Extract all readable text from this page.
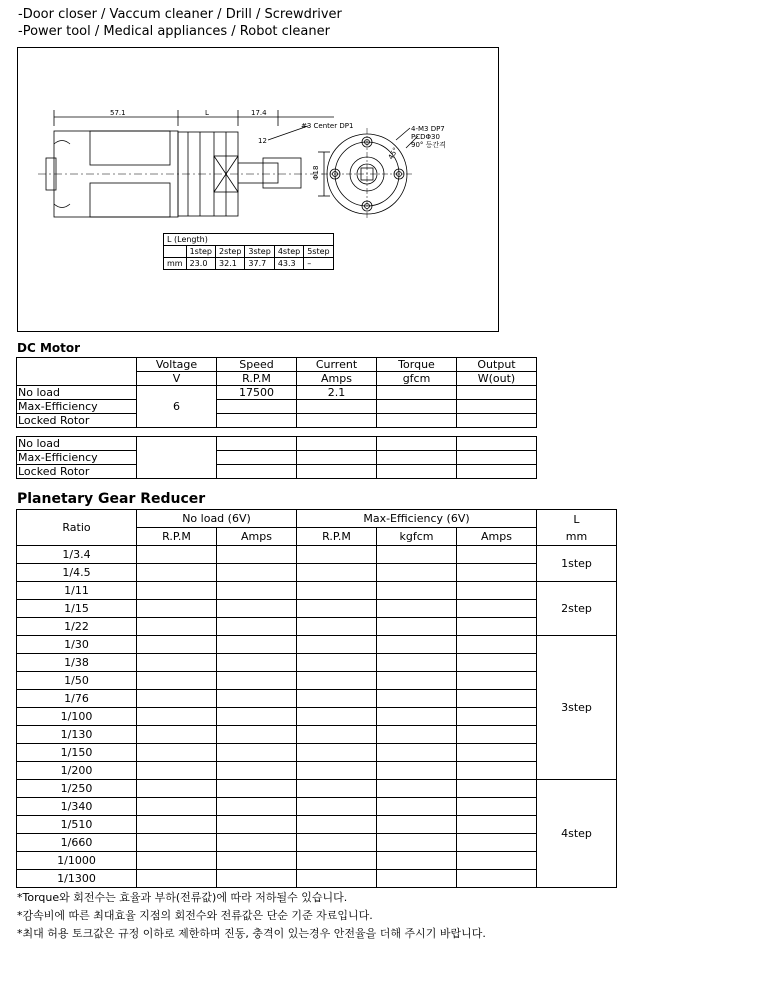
-Door closer / Vaccum cleaner / Drill / Screwdriver
-Power tool / Medical appliances / Robot cleaner
57.1	L	17.4
12
Φ18
45°
#3 Center DP1	4-M3 DP7
PCDΦ30
90° 등간격
L (Length)					
	1step	2step	3step	4step	5step
mm	23.0	32.1	37.7	43.3	–
DC Motor
	Voltage	Speed	Current	Torque	Output
	V	R.P.M	Amps	gfcm	W(out)
No load	6	17500	2.1		
Max-Efficiency					
Locked Rotor					
No load					
Max-Efficiency					
Locked Rotor					
Planetary Gear Reducer
Ratio	No load (6V)		Max-Efficiency (6V)			L
mm
	R.P.M	Amps	R.P.M	kgfcm	Amps	
1/3.4						1step
1/4.5						
1/11						2step
1/15						
1/22						
1/30						3step
1/38						
1/50						
1/76						
1/100						
1/130						
1/150						
1/200						
1/250						4step
1/340						
1/510						
1/660						
1/1000						
1/1300						
*Torque와 회전수는 효율과 부하(전류값)에 따라 저하될수 있습니다.
*감속비에 따른 최대효율 지점의 회전수와 전류값은 단순 기준 자료입니다.
*최대 허용 토크값은 규정 이하로 제한하며 진동, 충격이 있는경우 안전율을 더해 주시기 바랍니다.
